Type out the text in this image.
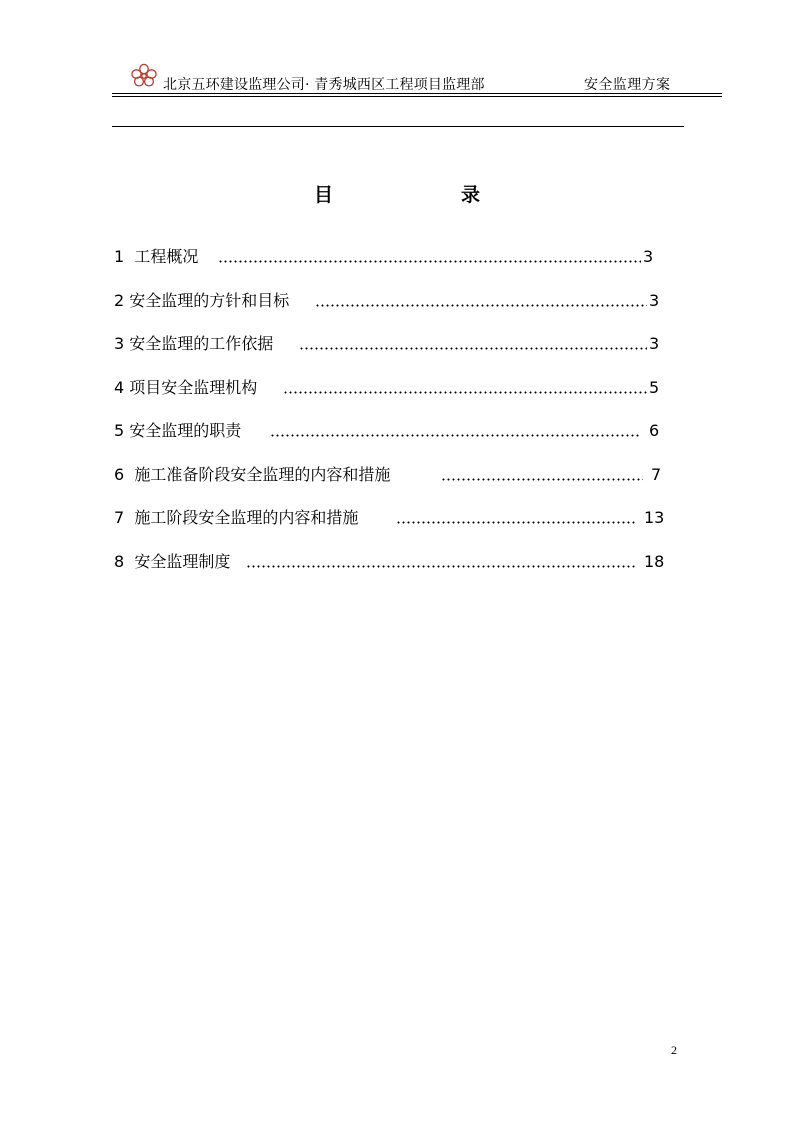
北京五环建设监理公司· 青秀城西区工程项目监理部	安全监理方案
目	录
1  工程概况	3
2 安全监理的方针和目标	3
3 安全监理的工作依据	3
4 项目安全监理机构	5
5 安全监理的职责	6
6  施工准备阶段安全监理的内容和措施	7
7  施工阶段安全监理的内容和措施	13
8  安全监理制度	18
2
